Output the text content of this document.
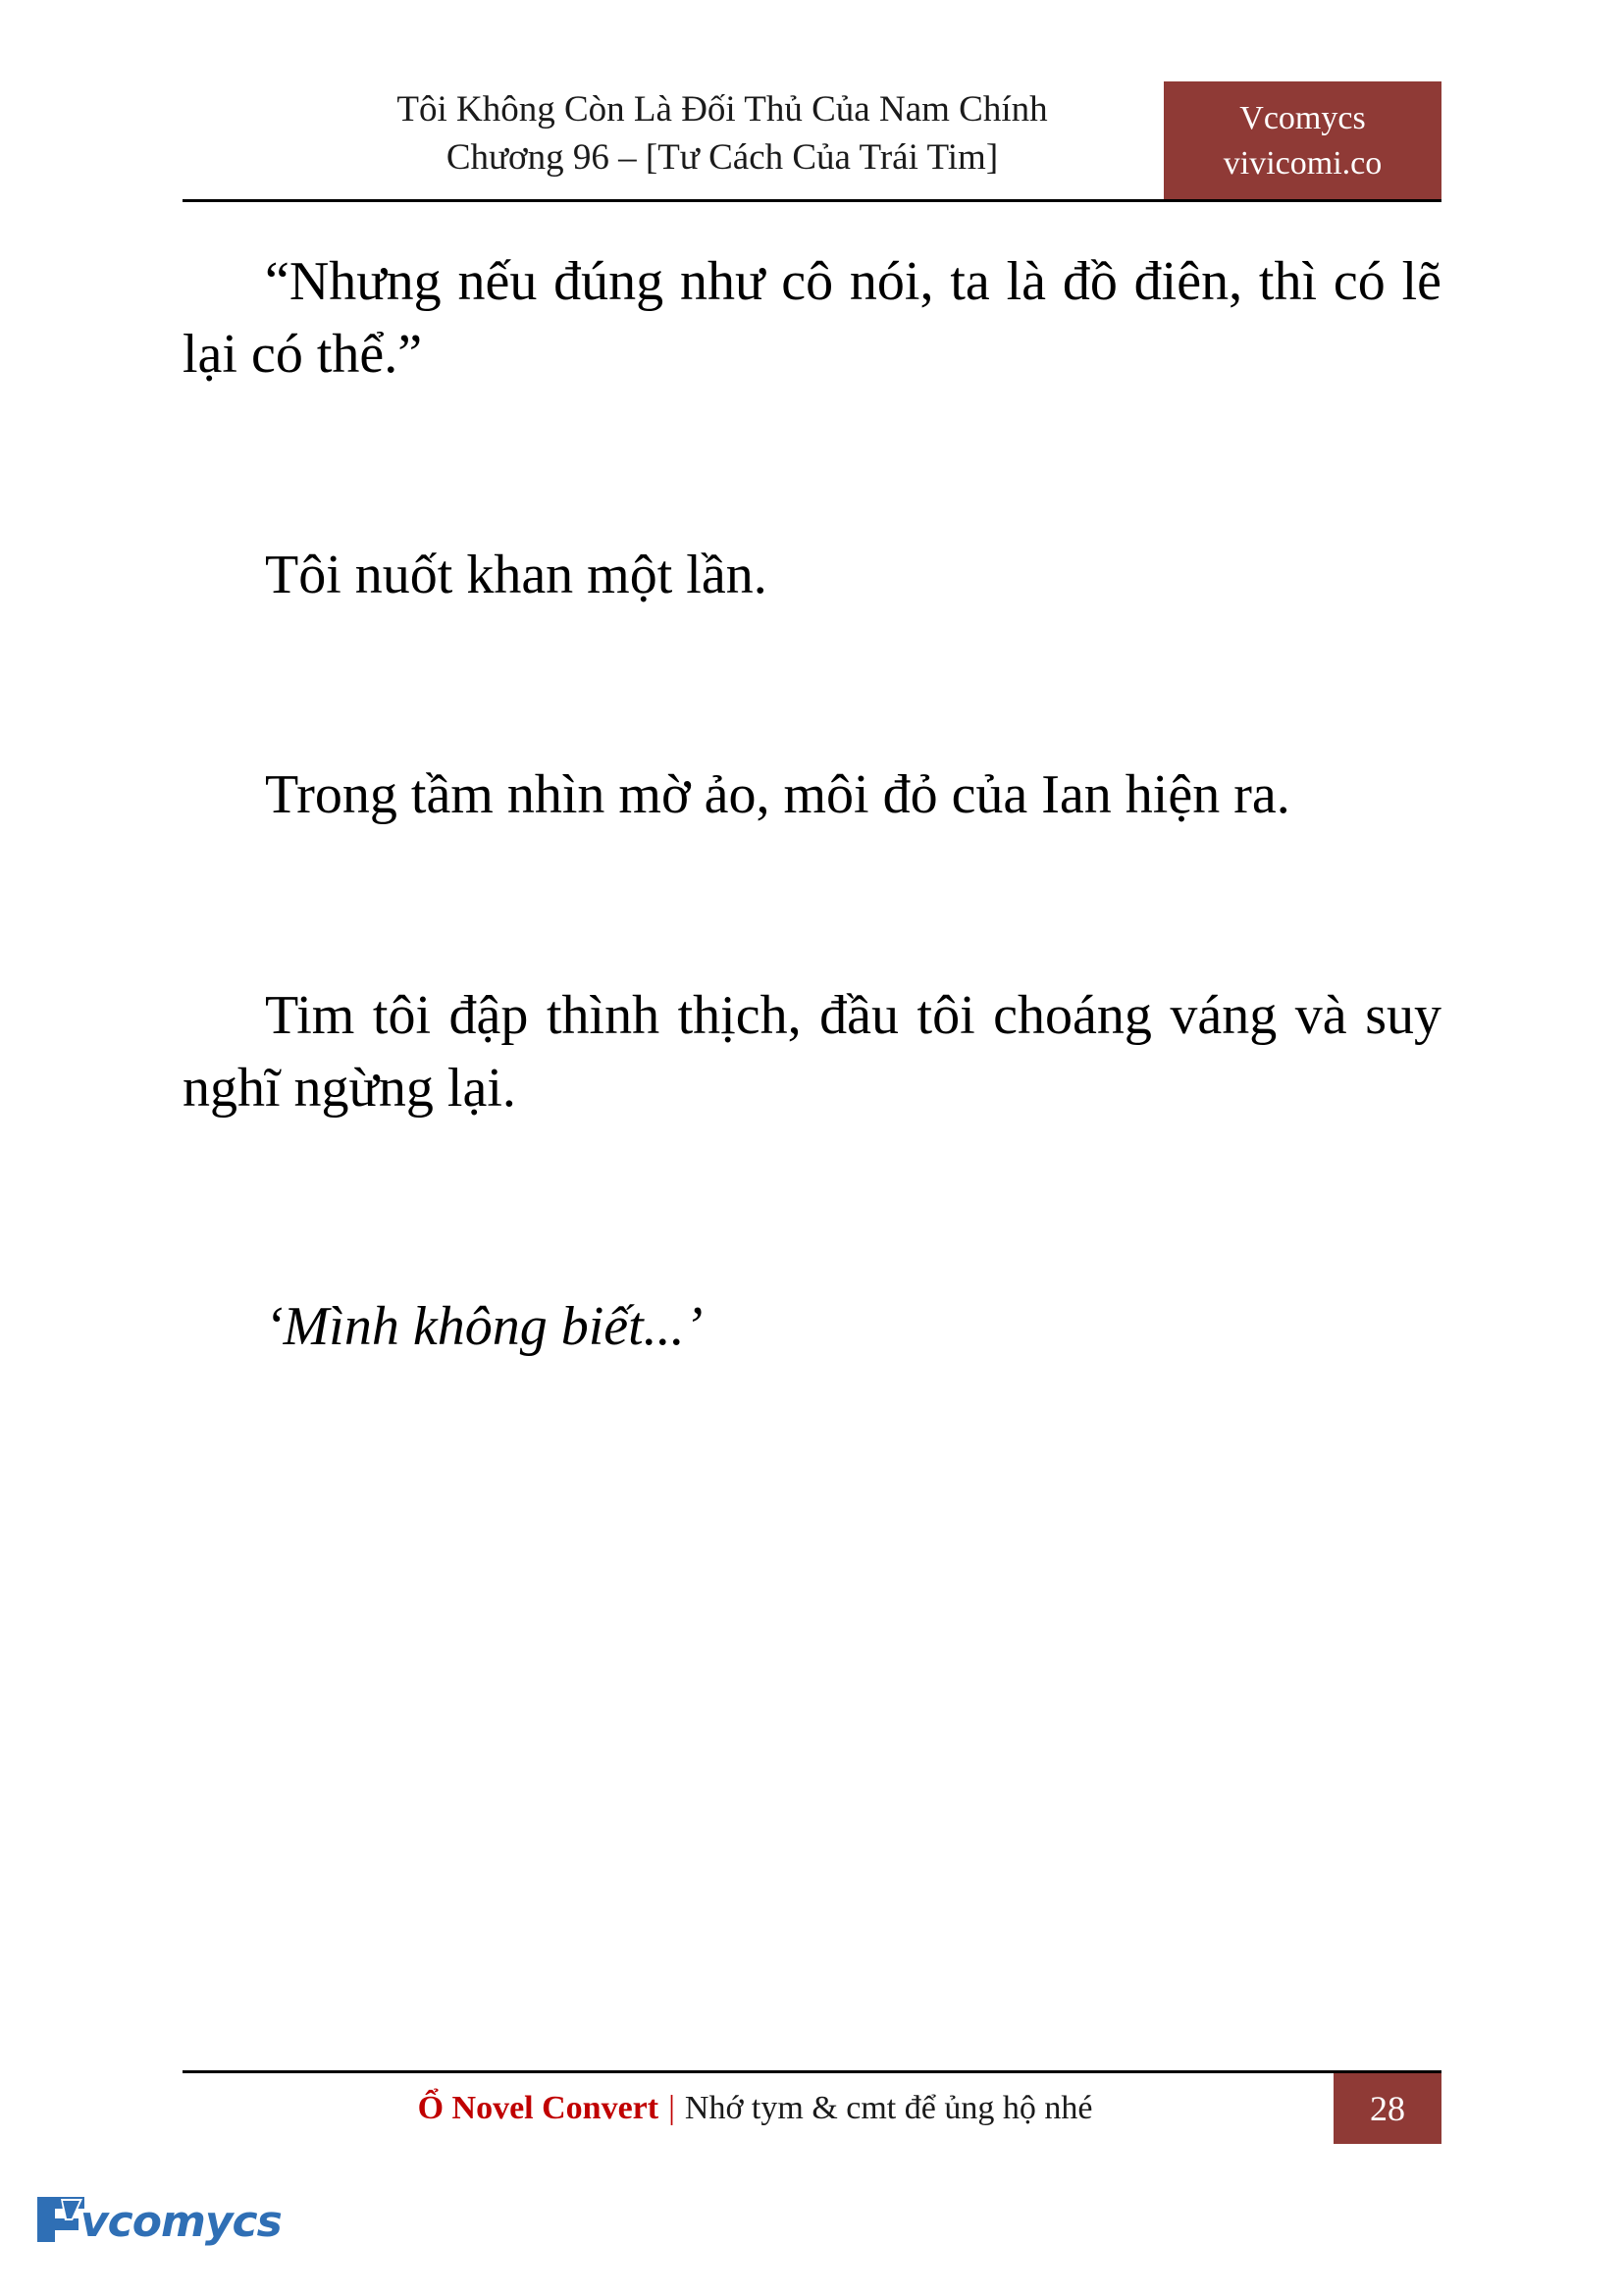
Tôi Không Còn Là Đối Thủ Của Nam Chính
Chương 96 – [Tư Cách Của Trái Tim]
Vcomycs
vivicomi.co

“Nhưng nếu đúng như cô nói, ta là đồ điên, thì có lẽ lại có thể.”

Tôi nuốt khan một lần.

Trong tầm nhìn mờ ảo, môi đỏ của Ian hiện ra.

Tim tôi đập thình thịch, đầu tôi choáng váng và suy nghĩ ngừng lại.

‘Mình không biết...’

Ổ Novel Convert | Nhớ tym & cmt để ủng hộ nhé	28
vcomycs
